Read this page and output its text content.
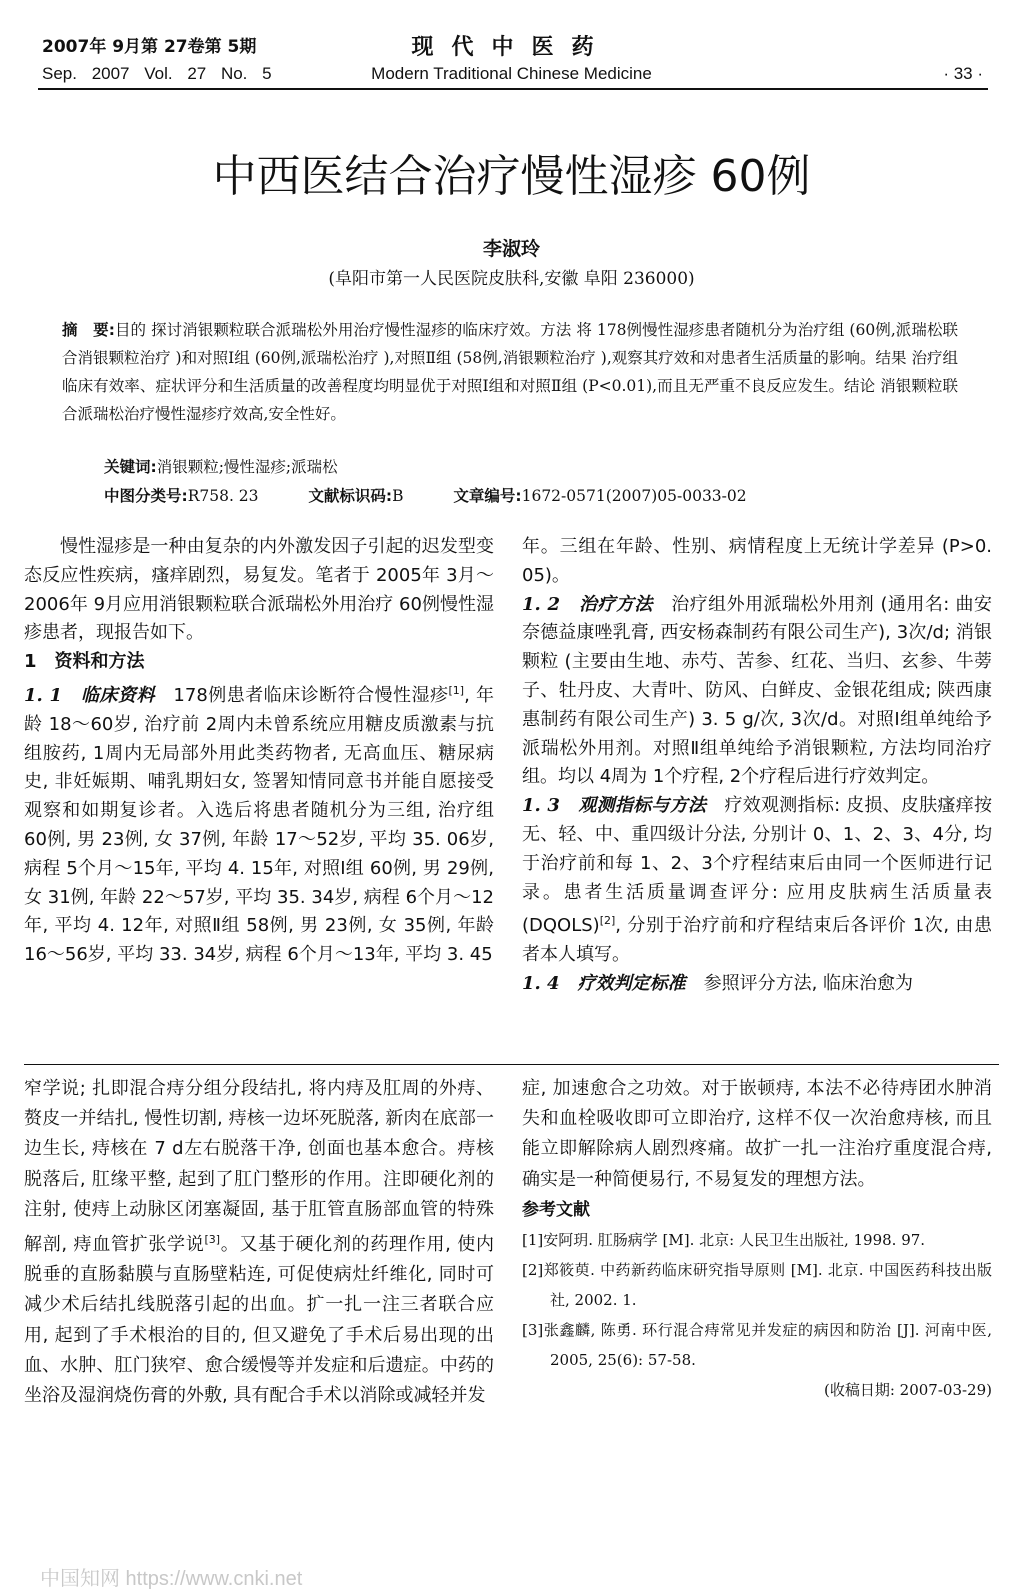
2007年 9月第 27卷第 5期	现代中医药
Sep. 2007 Vol. 27 No. 5	Modern Traditional Chinese Medicine	· 33 ·
中西医结合治疗慢性湿疹 60例
李淑玲
(阜阳市第一人民医院皮肤科,安徽 阜阳 236000)
摘　要:目的 探讨消银颗粒联合派瑞松外用治疗慢性湿疹的临床疗效。方法 将 178例慢性湿疹患者随机分为治疗组 (60例,派瑞松联合消银颗粒治疗 )和对照Ⅰ组 (60例,派瑞松治疗 ),对照Ⅱ组 (58例,消银颗粒治疗 ),观察其疗效和对患者生活质量的影响。结果 治疗组临床有效率、症状评分和生活质量的改善程度均明显优于对照Ⅰ组和对照Ⅱ组 (P<0.01),而且无严重不良反应发生。结论 消银颗粒联合派瑞松治疗慢性湿疹疗效高,安全性好。
关键词:消银颗粒;慢性湿疹;派瑞松
中图分类号:R758. 23	文献标识码:B	文章编号:1672-0571(2007)05-0033-02

慢性湿疹是一种由复杂的内外激发因子引起的迟发型变态反应性疾病，瘙痒剧烈，易复发。笔者于 2005年 3月～2006年 9月应用消银颗粒联合派瑞松外用治疗 60例慢性湿疹患者，现报告如下。

1　资料和方法

1. 1　临床资料　178例患者临床诊断符合慢性湿疹[1], 年龄 18～60岁, 治疗前 2周内未曾系统应用糖皮质激素与抗组胺药, 1周内无局部外用此类药物者, 无高血压、糖尿病史, 非妊娠期、哺乳期妇女, 签署知情同意书并能自愿接受观察和如期复诊者。入选后将患者随机分为三组, 治疗组 60例, 男 23例, 女 37例, 年龄 17～52岁, 平均 35. 06岁, 病程 5个月～15年, 平均 4. 15年, 对照Ⅰ组 60例, 男 29例, 女 31例, 年龄 22～57岁, 平均 35. 34岁, 病程 6个月～12年, 平均 4. 12年, 对照Ⅱ组 58例, 男 23例, 女 35例, 年龄 16～56岁, 平均 33. 34岁, 病程 6个月～13年, 平均 3. 45

年。三组在年龄、性别、病情程度上无统计学差异 (P>0. 05)。

1. 2　治疗方法　治疗组外用派瑞松外用剂 (通用名: 曲安奈德益康唑乳膏, 西安杨森制药有限公司生产), 3次/d; 消银颗粒 (主要由生地、赤芍、苦参、红花、当归、玄参、牛蒡子、牡丹皮、大青叶、防风、白鲜皮、金银花组成; 陕西康惠制药有限公司生产) 3. 5 g/次, 3次/d。对照Ⅰ组单纯给予派瑞松外用剂。对照Ⅱ组单纯给予消银颗粒, 方法均同治疗组。均以 4周为 1个疗程, 2个疗程后进行疗效判定。

1. 3　观测指标与方法　疗效观测指标: 皮损、皮肤瘙痒按无、轻、中、重四级计分法, 分别计 0、1、2、3、4分, 均于治疗前和每 1、2、3个疗程结束后由同一个医师进行记录。患者生活质量调查评分: 应用皮肤病生活质量表 (DQOLS)[2], 分别于治疗前和疗程结束后各评价 1次, 由患者本人填写。

1. 4　疗效判定标准　参照评分方法, 临床治愈为

窄学说; 扎即混合痔分组分段结扎, 将内痔及肛周的外痔、赘皮一并结扎, 慢性切割, 痔核一边坏死脱落, 新肉在底部一边生长, 痔核在 7 d左右脱落干净, 创面也基本愈合。痔核脱落后, 肛缘平整, 起到了肛门整形的作用。注即硬化剂的注射, 使痔上动脉区闭塞凝固, 基于肛管直肠部血管的特殊解剖, 痔血管扩张学说[3]。又基于硬化剂的药理作用, 使内脱垂的直肠黏膜与直肠壁粘连, 可促使病灶纤维化, 同时可减少术后结扎线脱落引起的出血。扩一扎一注三者联合应用, 起到了手术根治的目的, 但又避免了手术后易出现的出血、水肿、肛门狭窄、愈合缓慢等并发症和后遗症。中药的坐浴及湿润烧伤膏的外敷, 具有配合手术以消除或减轻并发

症, 加速愈合之功效。对于嵌顿痔, 本法不必待痔团水肿消失和血栓吸收即可立即治疗, 这样不仅一次治愈痔核, 而且能立即解除病人剧烈疼痛。故扩一扎一注治疗重度混合痔, 确实是一种简便易行, 不易复发的理想方法。

参考文献
[1]安阿玥. 肛肠病学 [M]. 北京: 人民卫生出版社, 1998. 97.
[2]郑筱萸. 中药新药临床研究指导原则 [M]. 北京. 中国医药科技出版社, 2002. 1.
[3]张鑫麟, 陈勇. 环行混合痔常见并发症的病因和防治 [J]. 河南中医, 2005, 25(6): 57-58.
(收稿日期: 2007-03-29)
中国知网 https://www.cnki.net
